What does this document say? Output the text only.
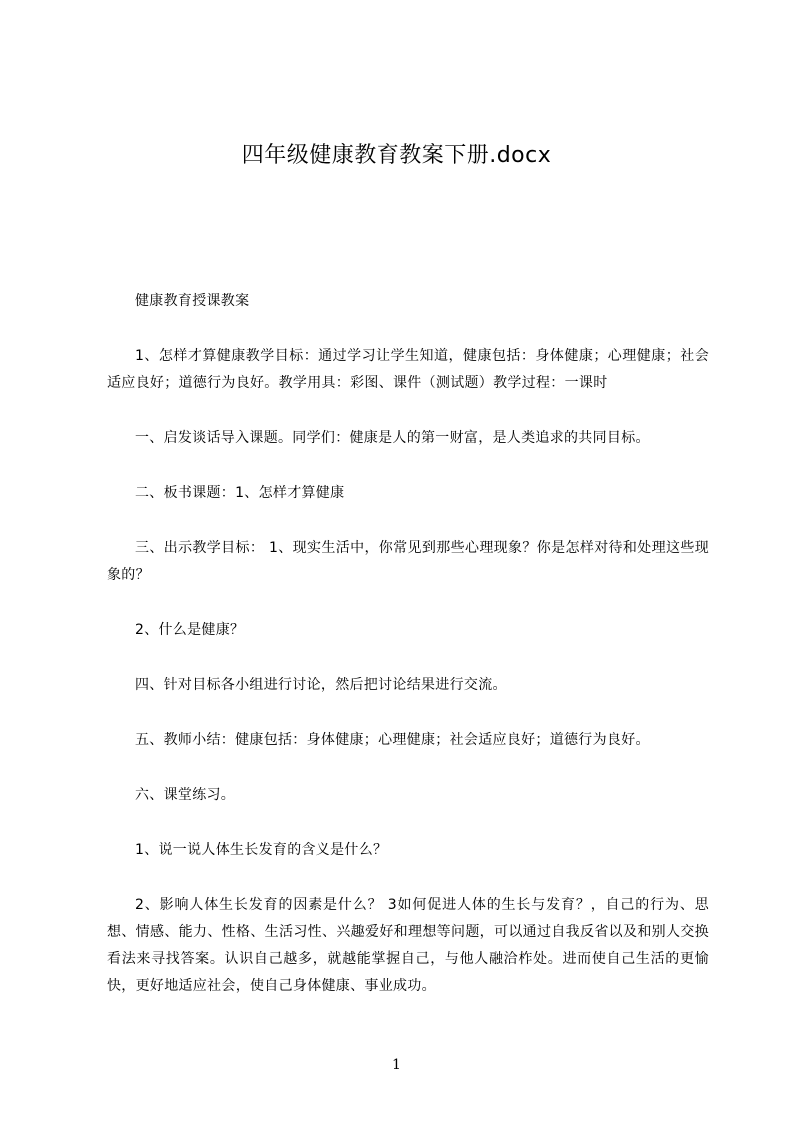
四年级健康教育教案下册.docx

健康教育授课教案

1、怎样才算健康教学目标：通过学习让学生知道，健康包括：身体健康；心理健康；社会适应良好；道德行为良好。教学用具：彩图、课件（测试题）教学过程：一课时

一、启发谈话导入课题。同学们：健康是人的第一财富，是人类追求的共同目标。

二、板书课题：1、怎样才算健康

三、出示教学目标： 1、现实生活中，你常见到那些心理现象？你是怎样对待和处理这些现象的？

2、什么是健康？

四、针对目标各小组进行讨论，然后把讨论结果进行交流。

五、教师小结：健康包括：身体健康；心理健康；社会适应良好；道德行为良好。

六、课堂练习。

1、说一说人体生长发育的含义是什么？

2、影响人体生长发育的因素是什么？ 3如何促进人体的生长与发育？，自己的行为、思想、情感、能力、性格、生活习性、兴趣爱好和理想等问题，可以通过自我反省以及和别人交换看法来寻找答案。认识自己越多，就越能掌握自己，与他人融洽柞处。进而使自己生活的更愉快，更好地适应社会，使自己身体健康、事业成功。

1
